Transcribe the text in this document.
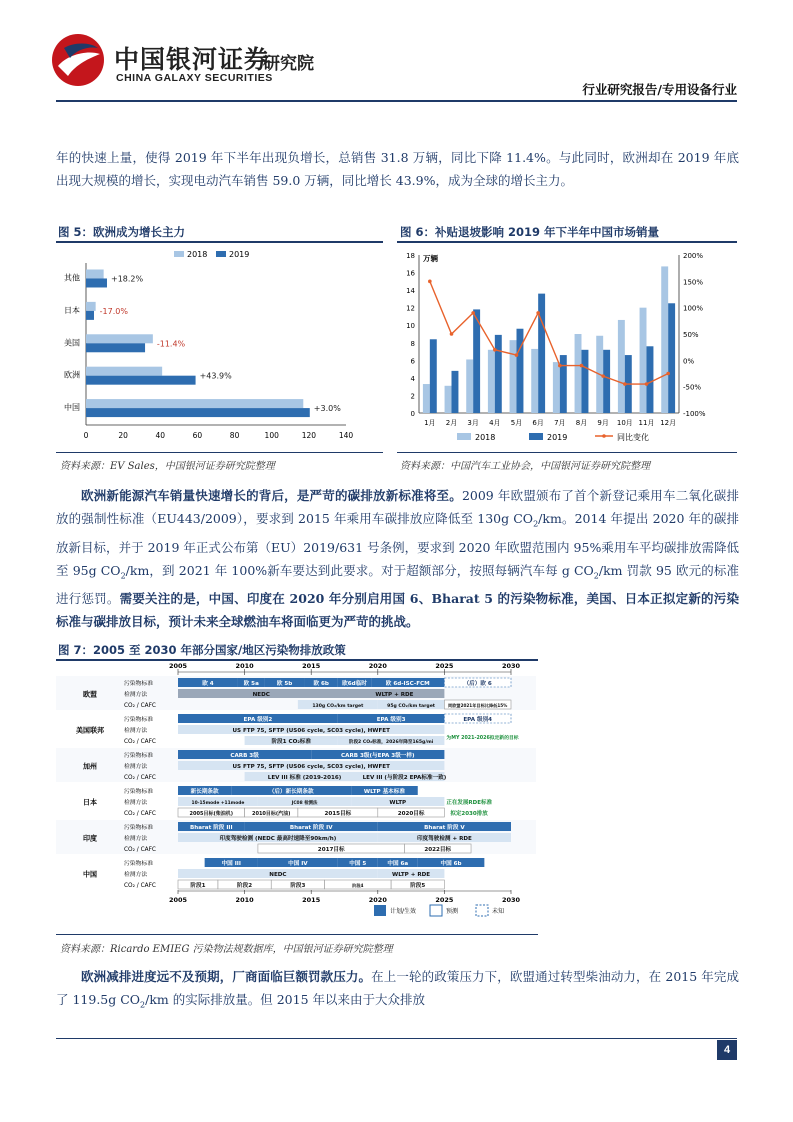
中国银河证券
CHINA GALAXY SECURITIES
研究院
行业研究报告/专用设备行业
年的快速上量，使得 2019 年下半年出现负增长，总销售 31.8 万辆，同比下降 11.4%。与此同时，欧洲却在 2019 年底出现大规模的增长，实现电动汽车销售 59.0 万辆，同比增长 43.9%，成为全球的增长主力。
图 5：欧洲成为增长主力
2018	2019
其他	+18.2%
日本 -17.0%
美国	-11.4%
欧洲	+43.9%
中国	+3.0%
0	20	40	60	80	100	120	140
资料来源：EV Sales，中国银河证券研究院整理
图 6：补贴退坡影响 2019 年下半年中国市场销量
万辆
0
2
4
6
8
10
12
14
16
18
-100%
-50%
0%
50%
100%
150%
200%
1月 2月 3月 4月 5月 6月 7月 8月 9月 10月 11月 12月
2018	2019	同比变化
资料来源：中国汽车工业协会，中国银河证券研究院整理
欧洲新能源汽车销量快速增长的背后，是严苛的碳排放新标准将至。2009 年欧盟颁布了首个新登记乘用车二氧化碳排放的强制性标准（EU443/2009），要求到 2015 年乘用车碳排放应降低至 130g $CO_2/km$。2014 年提出 2020 年的碳排放新目标，并于 2019 年正式公布第（EU）2019/631 号条例，要求到 2020 年欧盟范围内 95%乘用车平均碳排放需降低至 95g $CO_2/km$，到 2021 年 100%新车要达到此要求。对于超额部分，按照每辆汽车每 g $CO_2/km$ 罚款 95 欧元的标准进行惩罚。需要关注的是，中国、印度在 2020 年分别启用国 6、Bharat 5 的污染物标准，美国、日本正拟定新的污染标准与碳排放目标，预计未来全球燃油车将面临更为严苛的挑战。
图 7：2005 至 2030 年部分国家/地区污染物排放政策
2005	2010	2015	2020	2025	2030
2005	2010	2015	2020	2025	2030
欧盟
污染物标准
检测方法
CO₂ / CAFC
美国联邦
污染物标准
检测方法
CO₂ / CAFC
加州
污染物标准
检测方法
CO₂ / CAFC
日本
污染物标准
检测方法
CO₂ / CAFC
印度
污染物标准
检测方法
CO₂ / CAFC
中国
污染物标准
检测方法
CO₂ / CAFC
欧 4	欧 5a	欧 5b	欧 6b 欧6d临时	欧 6d-ISC-FCM	（后）欧 6
NEDC	WLTP + RDE
130g CO₂/km target	95g CO₂/km target	同欧盟2021年目标比降低15%
EPA 级别2	EPA 级别3	EPA 级别4
US FTP 75, SFTP (US06 cycle, SC03 cycle), HWFET
阶段1 CO₂标准	阶段2 CO₂标准，2026年降至165g/mi
为MY 2021-2026拟定新的目标
CARB 3级	CARB 3级(与EPA 3级一样)
US FTP 75, SFTP (US06 cycle, SC03 cycle), HWFET
LEV III 标准 (2019-2016)	LEV III (与阶段2 EPA标准一致)
新长期条款	（后）新长期条款	WLTP 基本标准
10-15mode +11mode	JC08 检测法	WLTP	正在发展RDE标准
2005目标(柴油机)	2010目标(汽油)	2015目标	2020目标	拟定2030排放
Bharat 阶段 III	Bharat 阶段 IV	Bharat 阶段 V
印度驾驶检测 (NEDC 最高时速降至90km/h)	印度驾驶检测 + RDE
2017目标	2022目标
中国 III	中国 IV	中国 5	中国 6a	中国 6b
NEDC	WLTP + RDE
阶段1	阶段2	阶段3	阶段4	阶段5
计划/生效	预测	未知
资料来源：Ricardo EMIEG 污染物法规数据库，中国银河证券研究院整理
欧洲减排进度远不及预期，厂商面临巨额罚款压力。在上一轮的政策压力下，欧盟通过转型柴油动力，在 2015 年完成了 119.5g $CO_2/km$ 的实际排放量。但 2015 年以来由于大众排放
4
